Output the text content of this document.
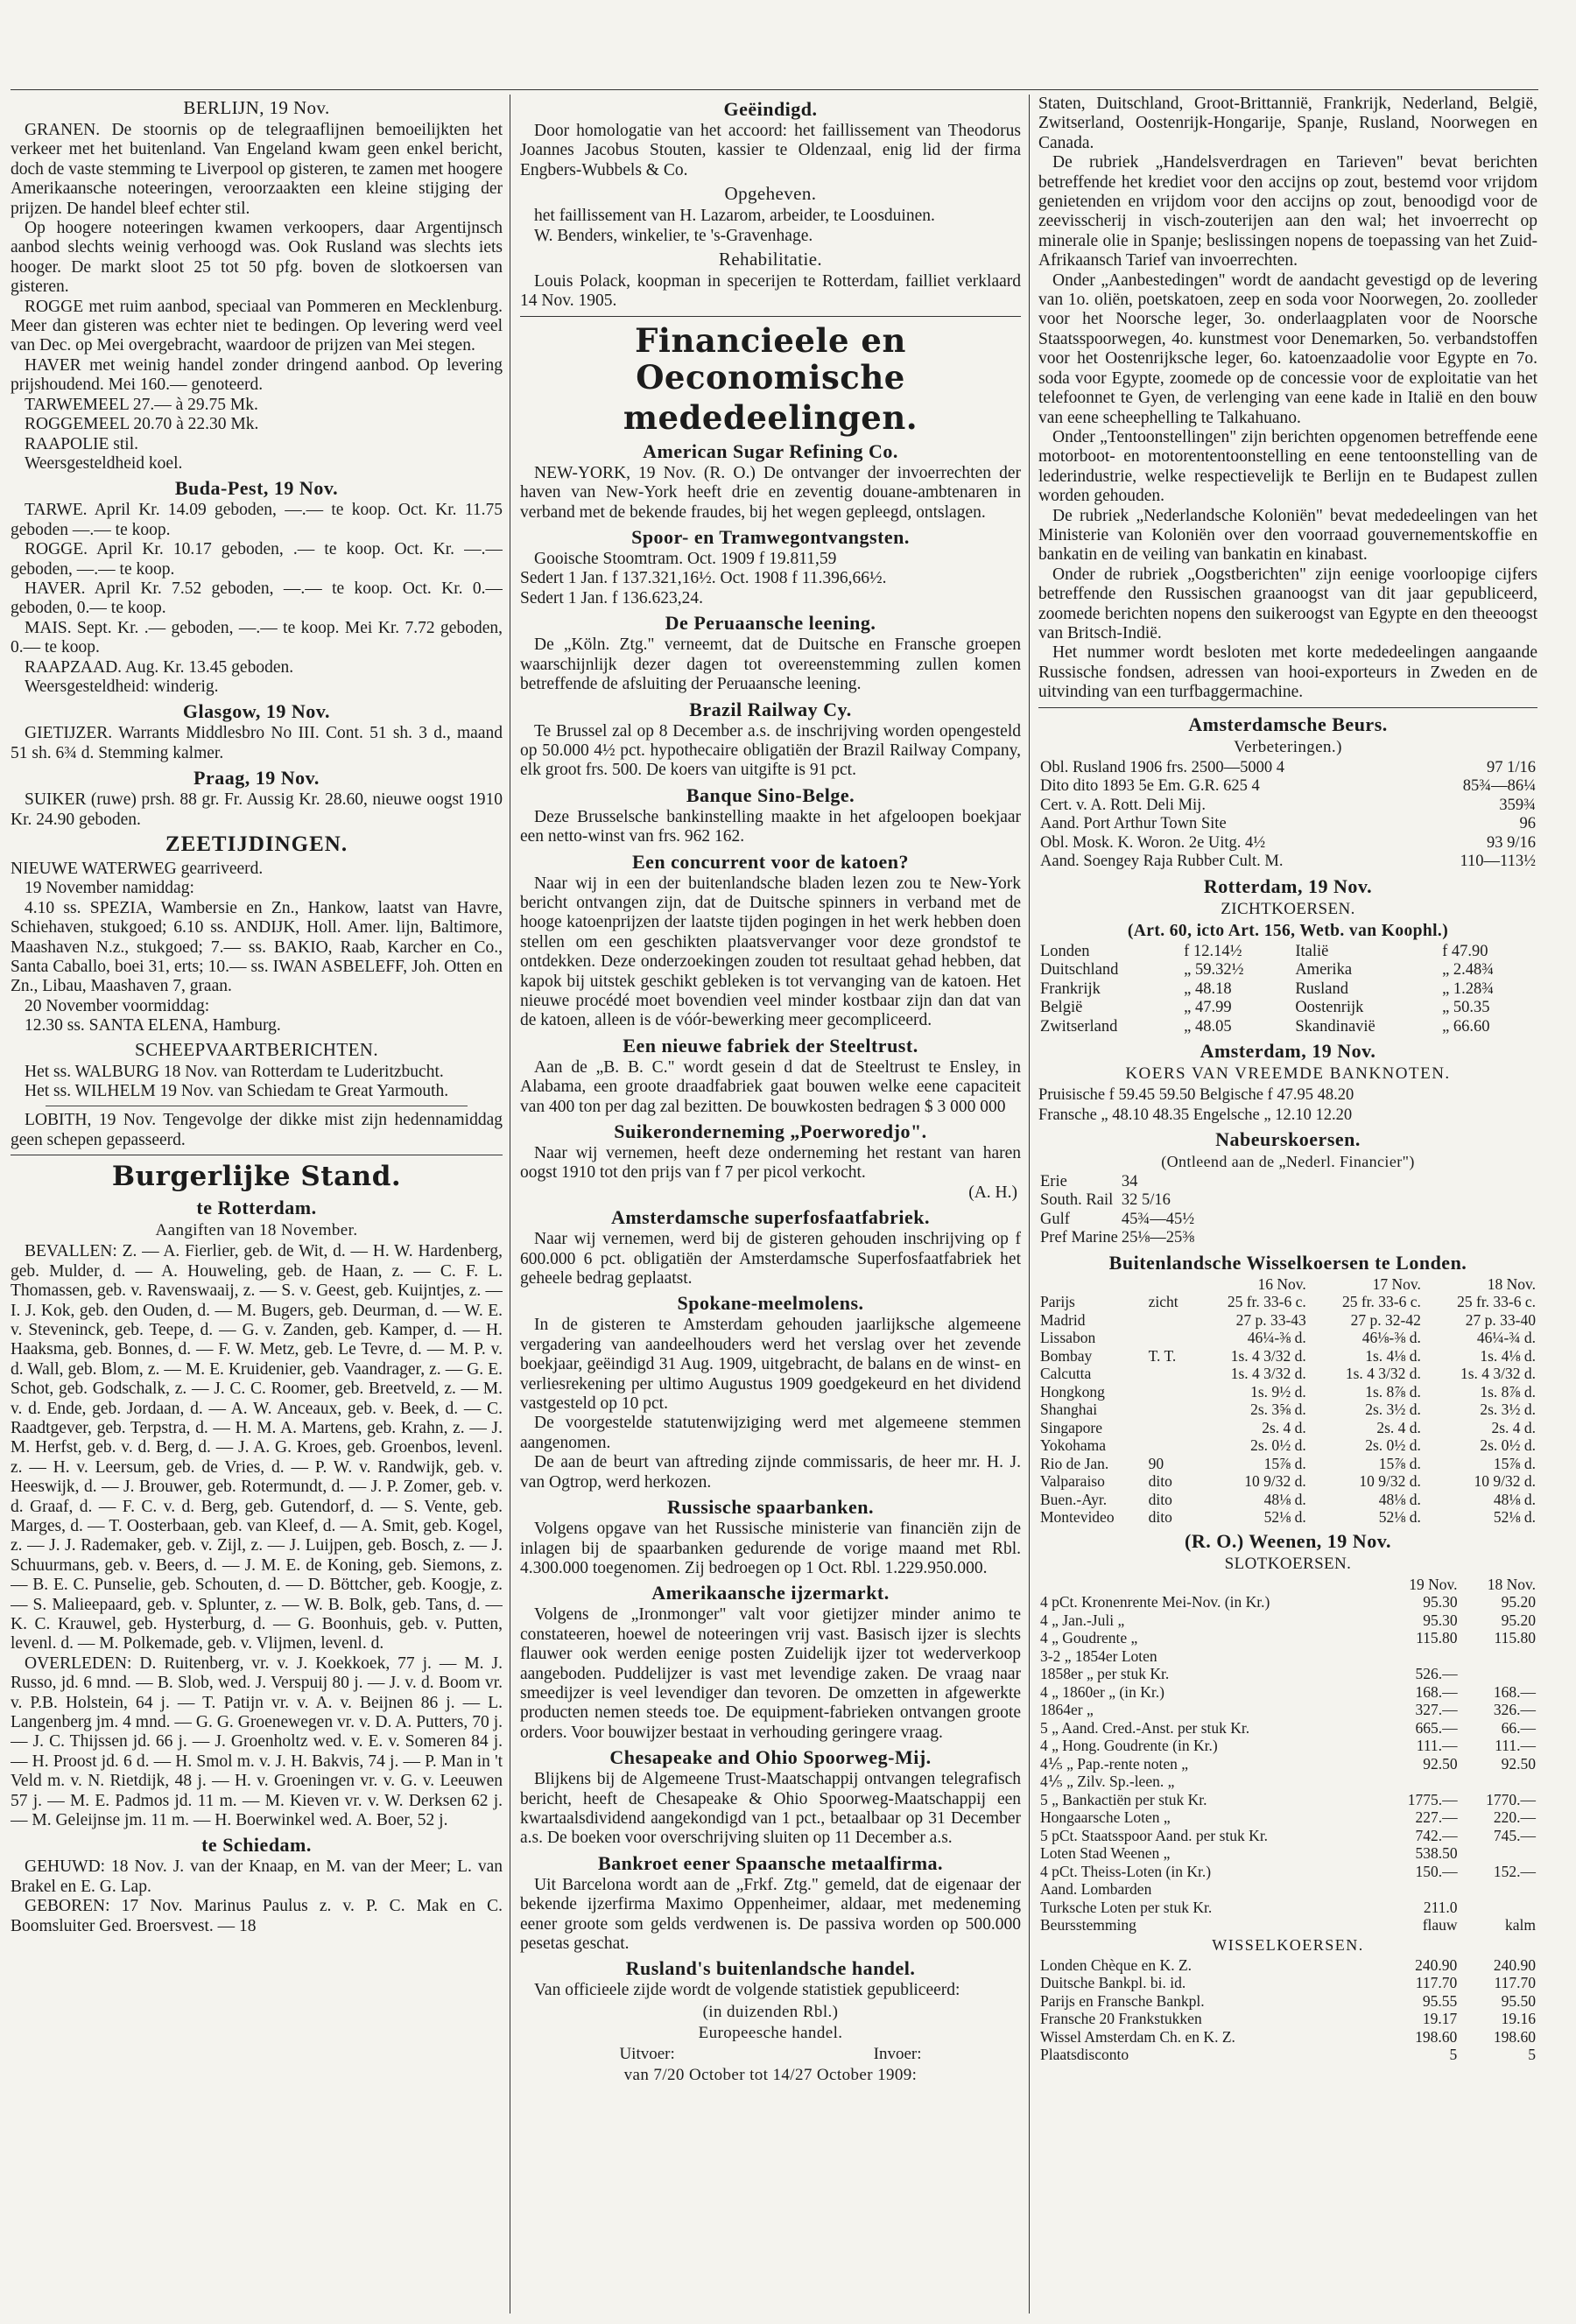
BERLIJN, 19 Nov.

GRANEN. De stoornis op de telegraaflijnen bemoeilijkten het verkeer met het buitenland. Van Engeland kwam geen enkel bericht, doch de vaste stemming te Liverpool op gisteren, te zamen met hoogere Amerikaansche noteeringen, veroorzaakten een kleine stijging der prijzen. De handel bleef echter stil.

Op hoogere noteeringen kwamen verkoopers, daar Argentijnsch aanbod slechts weinig verhoogd was. Ook Rusland was slechts iets hooger. De markt sloot 25 tot 50 pfg. boven de slotkoersen van gisteren.

ROGGE met ruim aanbod, speciaal van Pommeren en Mecklenburg. Meer dan gisteren was echter niet te bedingen. Op levering werd veel van Dec. op Mei overgebracht, waardoor de prijzen van Mei stegen.

HAVER met weinig handel zonder dringend aanbod. Op levering prijshoudend. Mei 160.— genoteerd.

TARWEMEEL 27.— à 29.75 Mk.

ROGGEMEEL 20.70 à 22.30 Mk.

RAAPOLIE stil.

Weersgesteldheid koel.

Buda-Pest, 19 Nov.

TARWE. April Kr. 14.09 geboden, —.— te koop. Oct. Kr. 11.75 geboden —.— te koop.

ROGGE. April Kr. 10.17 geboden, .— te koop. Oct. Kr. —.— geboden, —.— te koop.

HAVER. April Kr. 7.52 geboden, —.— te koop. Oct. Kr. 0.— geboden, 0.— te koop.

MAIS. Sept. Kr. .— geboden, —.— te koop. Mei Kr. 7.72 geboden, 0.— te koop.

RAAPZAAD. Aug. Kr. 13.45 geboden.

Weersgesteldheid: winderig.

Glasgow, 19 Nov.

GIETIJZER. Warrants Middlesbro No III. Cont. 51 sh. 3 d., maand 51 sh. 6¾ d. Stemming kalmer.

Praag, 19 Nov.

SUIKER (ruwe) prsh. 88 gr. Fr. Aussig Kr. 28.60, nieuwe oogst 1910 Kr. 24.90 geboden.

ZEETIJDINGEN.

NIEUWE WATERWEG gearriveerd.

19 November namiddag:

4.10 ss. SPEZIA, Wambersie en Zn., Hankow, laatst van Havre, Schiehaven, stukgoed; 6.10 ss. ANDIJK, Holl. Amer. lijn, Baltimore, Maashaven N.z., stukgoed; 7.— ss. BAKIO, Raab, Karcher en Co., Santa Caballo, boei 31, erts; 10.— ss. IWAN ASBELEFF, Joh. Otten en Zn., Libau, Maashaven 7, graan.

20 November voormiddag:

12.30 ss. SANTA ELENA, Hamburg.

SCHEEPVAARTBERICHTEN.

Het ss. WALBURG 18 Nov. van Rotterdam te Luderitzbucht.

Het ss. WILHELM 19 Nov. van Schiedam te Great Yarmouth.

LOBITH, 19 Nov. Tengevolge der dikke mist zijn hedennamiddag geen schepen gepasseerd.

Burgerlijke Stand.
te Rotterdam.
Aangiften van 18 November.

BEVALLEN: Z. — A. Fierlier, geb. de Wit, d. — H. W. Hardenberg, geb. Mulder, d. — A. Houweling, geb. de Haan, z. — C. F. L. Thomassen, geb. v. Ravenswaaij, z. — S. v. Geest, geb. Kuijntjes, z. — I. J. Kok, geb. den Ouden, d. — M. Bugers, geb. Deurman, d. — W. E. v. Steveninck, geb. Teepe, d. — G. v. Zanden, geb. Kamper, d. — H. Haaksma, geb. Bonnes, d. — F. W. Metz, geb. Le Tevre, d. — M. P. v. d. Wall, geb. Blom, z. — M. E. Kruidenier, geb. Vaandrager, z. — G. E. Schot, geb. Godschalk, z. — J. C. C. Roomer, geb. Breetveld, z. — M. v. d. Ende, geb. Jordaan, d. — A. W. Anceaux, geb. v. Beek, d. — C. Raadtgever, geb. Terpstra, d. — H. M. A. Martens, geb. Krahn, z. — J. M. Herfst, geb. v. d. Berg, d. — J. A. G. Kroes, geb. Groenbos, levenl. z. — H. v. Leersum, geb. de Vries, d. — P. W. v. Randwijk, geb. v. Heeswijk, d. — J. Brouwer, geb. Rotermundt, d. — J. P. Zomer, geb. v. d. Graaf, d. — F. C. v. d. Berg, geb. Gutendorf, d. — S. Vente, geb. Marges, d. — T. Oosterbaan, geb. van Kleef, d. — A. Smit, geb. Kogel, z. — J. J. Rademaker, geb. v. Zijl, z. — J. Luijpen, geb. Bosch, z. — J. Schuurmans, geb. v. Beers, d. — J. M. E. de Koning, geb. Siemons, z. — B. E. C. Punselie, geb. Schouten, d. — D. Böttcher, geb. Koogje, z. — S. Malieepaard, geb. v. Splunter, z. — W. B. Bolk, geb. Tans, d. — K. C. Krauwel, geb. Hysterburg, d. — G. Boonhuis, geb. v. Putten, levenl. d. — M. Polkemade, geb. v. Vlijmen, levenl. d.

OVERLEDEN: D. Ruitenberg, vr. v. J. Koekkoek, 77 j. — M. J. Russo, jd. 6 mnd. — B. Slob, wed. J. Verspuij 80 j. — J. v. d. Boom vr. v. P.B. Holstein, 64 j. — T. Patijn vr. v. A. v. Beijnen 86 j. — L. Langenberg jm. 4 mnd. — G. G. Groenewegen vr. v. D. A. Putters, 70 j. — J. C. Thijssen jd. 66 j. — J. Groenholtz wed. v. E. v. Someren 84 j. — H. Proost jd. 6 d. — H. Smol m. v. J. H. Bakvis, 74 j. — P. Man in 't Veld m. v. N. Rietdijk, 48 j. — H. v. Groeningen vr. v. G. v. Leeuwen 57 j. — M. E. Padmos jd. 11 m. — M. Kieven vr. v. W. Derksen 62 j. — M. Geleijnse jm. 11 m. — H. Boerwinkel wed. A. Boer, 52 j.

te Schiedam.

GEHUWD: 18 Nov. J. van der Knaap, en M. van der Meer; L. van Brakel en E. G. Lap.

GEBOREN: 17 Nov. Marinus Paulus z. v. P. C. Mak en C. Boomsluiter Ged. Broersvest. — 18

Geëindigd.

Door homologatie van het accoord: het faillissement van Theodorus Joannes Jacobus Stouten, kassier te Oldenzaal, enig lid der firma Engbers-Wubbels & Co.

Opgeheven.

het faillissement van H. Lazarom, arbeider, te Loosduinen.

W. Benders, winkelier, te 's-Gravenhage.

Rehabilitatie.

Louis Polack, koopman in specerijen te Rotterdam, failliet verklaard 14 Nov. 1905.

Financieele en Oeconomische
mededeelingen.
American Sugar Refining Co.

NEW-YORK, 19 Nov. (R. O.) De ontvanger der invoerrechten der haven van New-York heeft drie en zeventig douane-ambtenaren in verband met de bekende fraudes, bij het wegen gepleegd, ontslagen.

Spoor- en Tramwegontvangsten.

Gooische Stoomtram. Oct. 1909 f 19.811,59

Sedert 1 Jan. f 137.321,16½. Oct. 1908 f 11.396,66½.

Sedert 1 Jan. f 136.623,24.

De Peruaansche leening.

De „Köln. Ztg." verneemt, dat de Duitsche en Fransche groepen waarschijnlijk dezer dagen tot overeenstemming zullen komen betreffende de afsluiting der Peruaansche leening.

Brazil Railway Cy.

Te Brussel zal op 8 December a.s. de inschrijving worden opengesteld op 50.000 4½ pct. hypothecaire obligatiën der Brazil Railway Company, elk groot frs. 500. De koers van uitgifte is 91 pct.

Banque Sino-Belge.

Deze Brusselsche bankinstelling maakte in het afgeloopen boekjaar een netto-winst van frs. 962 162.

Een concurrent voor de katoen?

Naar wij in een der buitenlandsche bladen lezen zou te New-York bericht ontvangen zijn, dat de Duitsche spinners in verband met de hooge katoenprijzen der laatste tijden pogingen in het werk hebben doen stellen om een geschikten plaatsvervanger voor deze grondstof te ontdekken. Deze onderzoekingen zouden tot resultaat gehad hebben, dat kapok bij uitstek geschikt gebleken is tot vervanging van de katoen. Het nieuwe procédé moet bovendien veel minder kostbaar zijn dan dat van de katoen, alleen is de vóór-bewerking meer gecompliceerd.

Een nieuwe fabriek der Steeltrust.

Aan de „B. B. C." wordt gesein d dat de Steeltrust te Ensley, in Alabama, een groote draadfabriek gaat bouwen welke eene capaciteit van 400 ton per dag zal bezitten. De bouwkosten bedragen $ 3 000 000

Suikeronderneming „Poerworedjo".

Naar wij vernemen, heeft deze onderneming het restant van haren oogst 1910 tot den prijs van f 7 per picol verkocht.

(A. H.)

Amsterdamsche superfosfaatfabriek.

Naar wij vernemen, werd bij de gisteren gehouden inschrijving op f 600.000 6 pct. obligatiën der Amsterdamsche Superfosfaatfabriek het geheele bedrag geplaatst.

Spokane-meelmolens.

In de gisteren te Amsterdam gehouden jaarlijksche algemeene vergadering van aandeelhouders werd het verslag over het zevende boekjaar, geëindigd 31 Aug. 1909, uitgebracht, de balans en de winst- en verliesrekening per ultimo Augustus 1909 goedgekeurd en het dividend vastgesteld op 10 pct.

De voorgestelde statutenwijziging werd met algemeene stemmen aangenomen.

De aan de beurt van aftreding zijnde commissaris, de heer mr. H. J. van Ogtrop, werd herkozen.

Russische spaarbanken.

Volgens opgave van het Russische ministerie van financiën zijn de inlagen bij de spaarbanken gedurende de vorige maand met Rbl. 4.300.000 toegenomen. Zij bedroegen op 1 Oct. Rbl. 1.229.950.000.

Amerikaansche ijzermarkt.

Volgens de „Ironmonger" valt voor gietijzer minder animo te constateeren, hoewel de noteeringen vrij vast. Basisch ijzer is slechts flauwer ook werden eenige posten Zuidelijk ijzer tot wederverkoop aangeboden. Puddelijzer is vast met levendige zaken. De vraag naar smeedijzer is veel levendiger dan tevoren. De omzetten in afgewerkte producten nemen steeds toe. De equipment-fabrieken ontvangen groote orders. Voor bouwijzer bestaat in verhouding geringere vraag.

Chesapeake and Ohio Spoorweg-Mij.

Blijkens bij de Algemeene Trust-Maatschappij ontvangen telegrafisch bericht, heeft de Chesapeake & Ohio Spoorweg-Maatschappij een kwartaalsdividend aangekondigd van 1 pct., betaalbaar op 31 December a.s. De boeken voor overschrijving sluiten op 11 December a.s.

Bankroet eener Spaansche metaalfirma.

Uit Barcelona wordt aan de „Frkf. Ztg." gemeld, dat de eigenaar der bekende ijzerfirma Maximo Oppenheimer, aldaar, met medeneming eener groote som gelds verdwenen is. De passiva worden op 500.000 pesetas geschat.

Rusland's buitenlandsche handel.

Van officieele zijde wordt de volgende statistiek gepubliceerd:

(in duizenden Rbl.)
Europeesche handel.
Uitvoer:	Invoer:
van 7/20 October tot 14/27 October 1909:

Staten, Duitschland, Groot-Brittannië, Frankrijk, Nederland, België, Zwitserland, Oostenrijk-Hongarije, Spanje, Rusland, Noorwegen en Canada.

De rubriek „Handelsverdragen en Tarieven" bevat berichten betreffende het krediet voor den accijns op zout, bestemd voor vrijdom genietenden en vrijdom voor den accijns op zout, benoodigd voor de zeevisscherij in visch-zouterijen aan den wal; het invoerrecht op minerale olie in Spanje; beslissingen nopens de toepassing van het Zuid-Afrikaansch Tarief van invoerrechten.

Onder „Aanbestedingen" wordt de aandacht gevestigd op de levering van 1o. oliën, poetskatoen, zeep en soda voor Noorwegen, 2o. zoolleder voor het Noorsche leger, 3o. onderlaagplaten voor de Noorsche Staatsspoorwegen, 4o. kunstmest voor Denemarken, 5o. verbandstoffen voor het Oostenrijksche leger, 6o. katoenzaadolie voor Egypte en 7o. soda voor Egypte, zoomede op de concessie voor de exploitatie van het telefoonnet te Gyen, de verlenging van eene kade in Italië en den bouw van eene scheephelling te Talkahuano.

Onder „Tentoonstellingen" zijn berichten opgenomen betreffende eene motorboot- en motorententoonstelling en eene tentoonstelling van de lederindustrie, welke respectievelijk te Berlijn en te Budapest zullen worden gehouden.

De rubriek „Nederlandsche Koloniën" bevat mededeelingen van het Ministerie van Koloniën over den voorraad gouvernementskoffie en bankatin en de veiling van bankatin en kinabast.

Onder de rubriek „Oogstberichten" zijn eenige voorloopige cijfers betreffende den Russischen graanoogst van dit jaar gepubliceerd, zoomede berichten nopens den suikeroogst van Egypte en den theeoogst van Britsch-Indië.

Het nummer wordt besloten met korte mededeelingen aangaande Russische fondsen, adressen van hooi-exporteurs in Zweden en de uitvinding van een turfbaggermachine.

Amsterdamsche Beurs.
Verbeteringen.)
Obl. Rusland 1906 frs. 2500—5000 4	97 1/16
Dito dito 1893 5e Em. G.R. 625 4	85¾—86¼
Cert. v. A. Rott. Deli Mij.	359¾
Aand. Port Arthur Town Site	96
Obl. Mosk. K. Woron. 2e Uitg. 4½	93 9/16
Aand. Soengey Raja Rubber Cult. M.	110—113½
Rotterdam, 19 Nov.
ZICHTKOERSEN.
(Art. 60, icto Art. 156, Wetb. van Koophl.)
Londen	f 12.14½	Italië	f 47.90
Duitschland	„ 59.32½	Amerika	„ 2.48¾
Frankrijk	„ 48.18	Rusland	„ 1.28¾
België	„ 47.99	Oostenrijk	„ 50.35
Zwitserland	„ 48.05	Skandinavië	„ 66.60
Amsterdam, 19 Nov.
KOERS VAN VREEMDE BANKNOTEN.

Pruisische f 59.45 59.50 Belgische f 47.95 48.20

Fransche „ 48.10 48.35 Engelsche „ 12.10 12.20

Nabeurskoersen.
(Ontleend aan de „Nederl. Financier")
Erie	34
South. Rail	32 5/16
Gulf	45¾—45½
Pref Marine	25⅛—25⅜
Buitenlandsche Wisselkoersen te Londen.
		16 Nov.	17 Nov.	18 Nov.
Parijs	zicht	25 fr. 33-6 c.	25 fr. 33-6 c.	25 fr. 33-6 c.
Madrid		27 p. 33-43	27 p. 32-42	27 p. 33-40
Lissabon		46¼-⅜ d.	46⅛-⅜ d.	46¼-¾ d.
Bombay	T. T.	1s. 4 3/32 d.	1s. 4⅛ d.	1s. 4⅛ d.
Calcutta		1s. 4 3/32 d.	1s. 4 3/32 d.	1s. 4 3/32 d.
Hongkong		1s. 9½ d.	1s. 8⅞ d.	1s. 8⅞ d.
Shanghai		2s. 3⅝ d.	2s. 3½ d.	2s. 3½ d.
Singapore		2s. 4 d.	2s. 4 d.	2s. 4 d.
Yokohama		2s. 0½ d.	2s. 0½ d.	2s. 0½ d.
Rio de Jan.	90	15⅞ d.	15⅞ d.	15⅞ d.
Valparaiso	dito	10 9/32 d.	10 9/32 d.	10 9/32 d.
Buen.-Ayr.	dito	48⅛ d.	48⅛ d.	48⅛ d.
Montevideo	dito	52⅛ d.	52⅛ d.	52⅛ d.
(R. O.) Weenen, 19 Nov.
SLOTKOERSEN.
	19 Nov.	18 Nov.
4 pCt. Kronenrente Mei-Nov. (in Kr.)	95.30	95.20
4 „ Jan.-Juli „	95.30	95.20
4 „ Goudrente „	115.80	115.80
3-2 „ 1854er Loten		
1858er „ per stuk Kr.	526.—	
4 „ 1860er „ (in Kr.)	168.—	168.—
1864er „	327.—	326.—
5 „ Aand. Cred.-Anst. per stuk Kr.	665.—	66.—
4 „ Hong. Goudrente (in Kr.)	111.—	111.—
4⅕ „ Pap.-rente noten „	92.50	92.50
4⅕ „ Zilv. Sp.-leen. „		
5 „ Bankactiën per stuk Kr.	1775.—	1770.—
Hongaarsche Loten „	227.—	220.—
5 pCt. Staatsspoor Aand. per stuk Kr.	742.—	745.—
Loten Stad Weenen „	538.50	
4 pCt. Theiss-Loten (in Kr.)	150.—	152.—
Aand. Lombarden		
Turksche Loten per stuk Kr.	211.0	
Beursstemming	flauw	kalm
WISSELKOERSEN.
Londen Chèque en K. Z.	240.90	240.90
Duitsche Bankpl. bi. id.	117.70	117.70
Parijs en Fransche Bankpl.	95.55	95.50
Fransche 20 Frankstukken	19.17	19.16
Wissel Amsterdam Ch. en K. Z.	198.60	198.60
Plaatsdisconto	5	5
